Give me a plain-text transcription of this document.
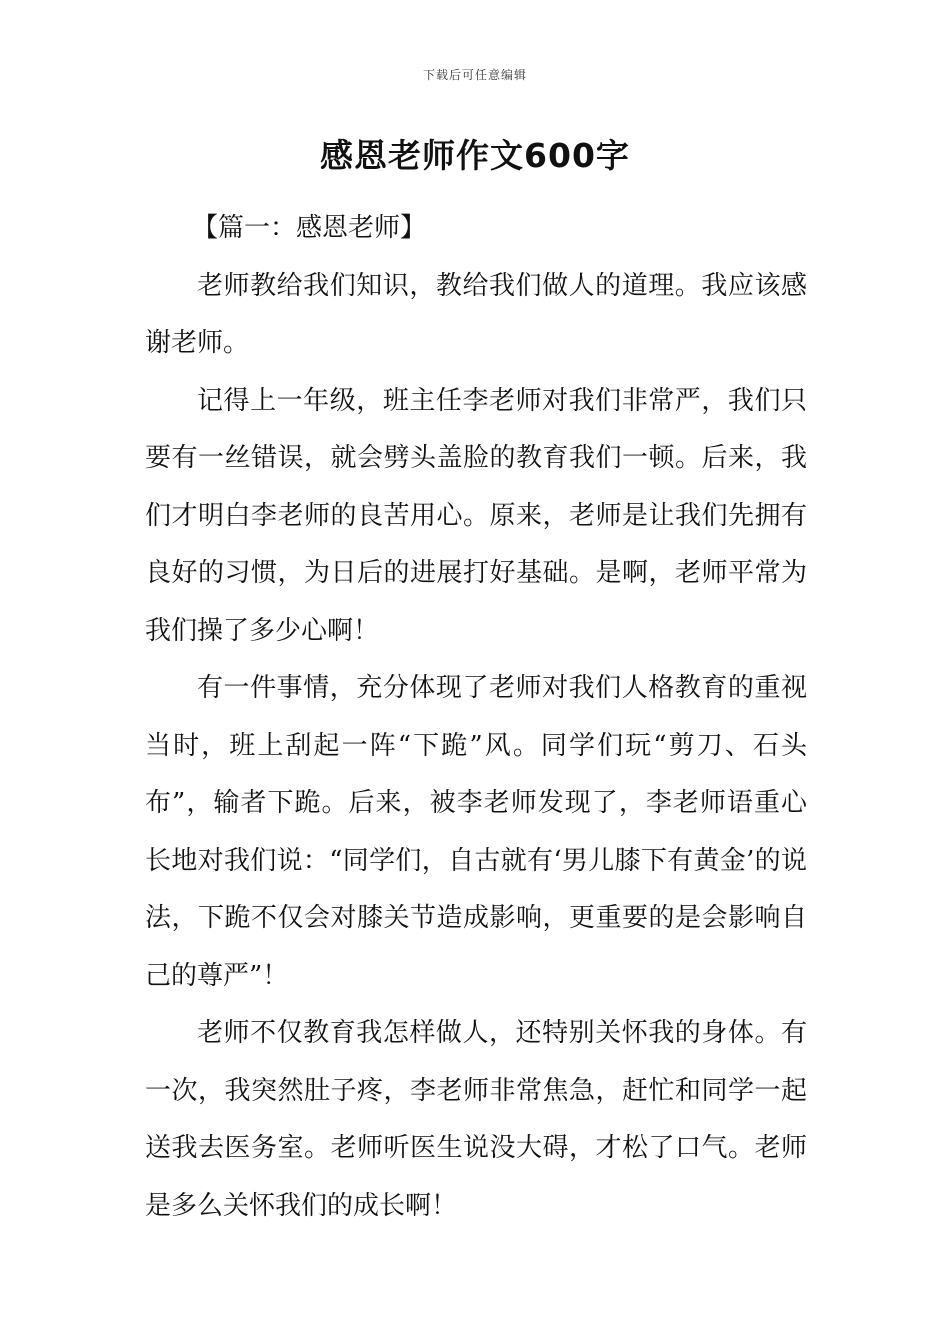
下载后可任意编辑
感恩老师作文600字

【篇一：感恩老师】

老师教给我们知识，教给我们做人的道理。我应该感谢老师。

记得上一年级，班主任李老师对我们非常严，我们只要有一丝错误，就会劈头盖脸的教育我们一顿。后来，我们才明白李老师的良苦用心。原来，老师是让我们先拥有良好的习惯，为日后的进展打好基础。是啊，老师平常为我们操了多少心啊！

有一件事情，充分体现了老师对我们人格教育的重视当时，班上刮起一阵“下跪”风。同学们玩“剪刀、石头布”，输者下跪。后来，被李老师发现了，李老师语重心长地对我们说：“同学们，自古就有‘男儿膝下有黄金’的说法，下跪不仅会对膝关节造成影响，更重要的是会影响自己的尊严”！

老师不仅教育我怎样做人，还特别关怀我的身体。有一次，我突然肚子疼，李老师非常焦急，赶忙和同学一起送我去医务室。老师听医生说没大碍，才松了口气。老师是多么关怀我们的成长啊！
